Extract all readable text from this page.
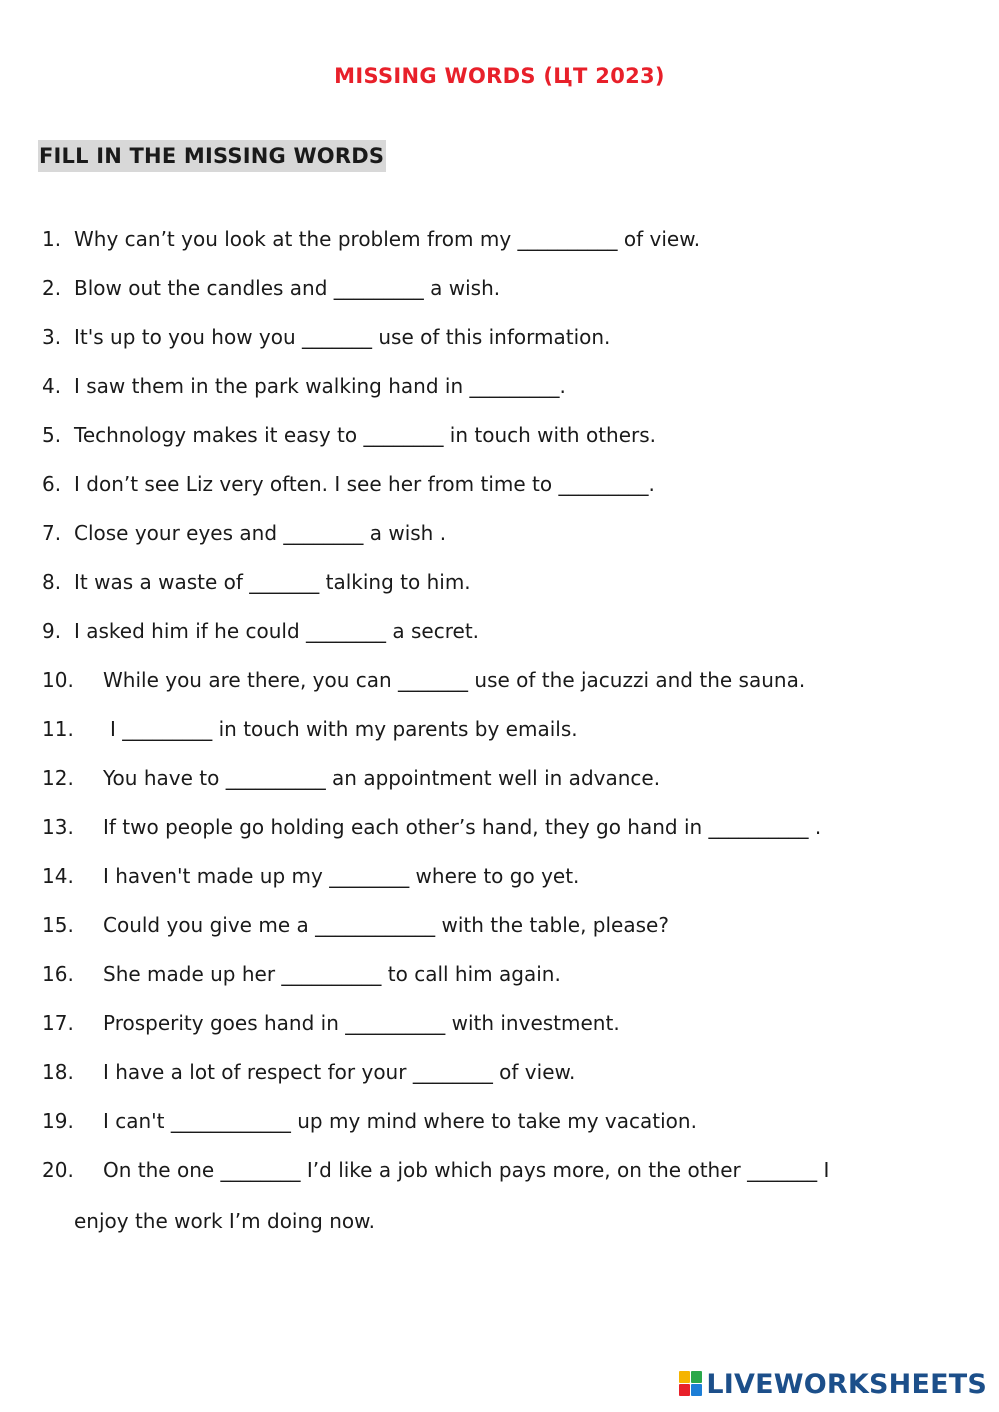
MISSING WORDS (ЦТ 2023)
FILL IN THE MISSING WORDS
1. Why can’t you look at the problem from my __________ of view.
2. Blow out the candles and _________ a wish.
3. It's up to you how you _______ use of this information.
4. I saw them in the park walking hand in _________.
5. Technology makes it easy to ________ in touch with others.
6. I don’t see Liz very often. I see her from time to _________.
7. Close your eyes and ________ a wish .
8. It was a waste of _______ talking to him.
9. I asked him if he could ________ a secret.
10. While you are there, you can _______ use of the jacuzzi and the sauna.
11. I _________ in touch with my parents by emails.
12. You have to __________ an appointment well in advance.
13. If two people go holding each other’s hand, they go hand in __________ .
14. I haven't made up my ________ where to go yet.
15. Could you give me a ____________ with the table, please?
16. She made up her __________ to call him again.
17. Prosperity goes hand in __________ with investment.
18. I have a lot of respect for your ________ of view.
19. I can't ____________ up my mind where to take my vacation.
20. On the one ________ I’d like a job which pays more, on the other _______ I
enjoy the work I’m doing now.
LIVEWORKSHEETS
